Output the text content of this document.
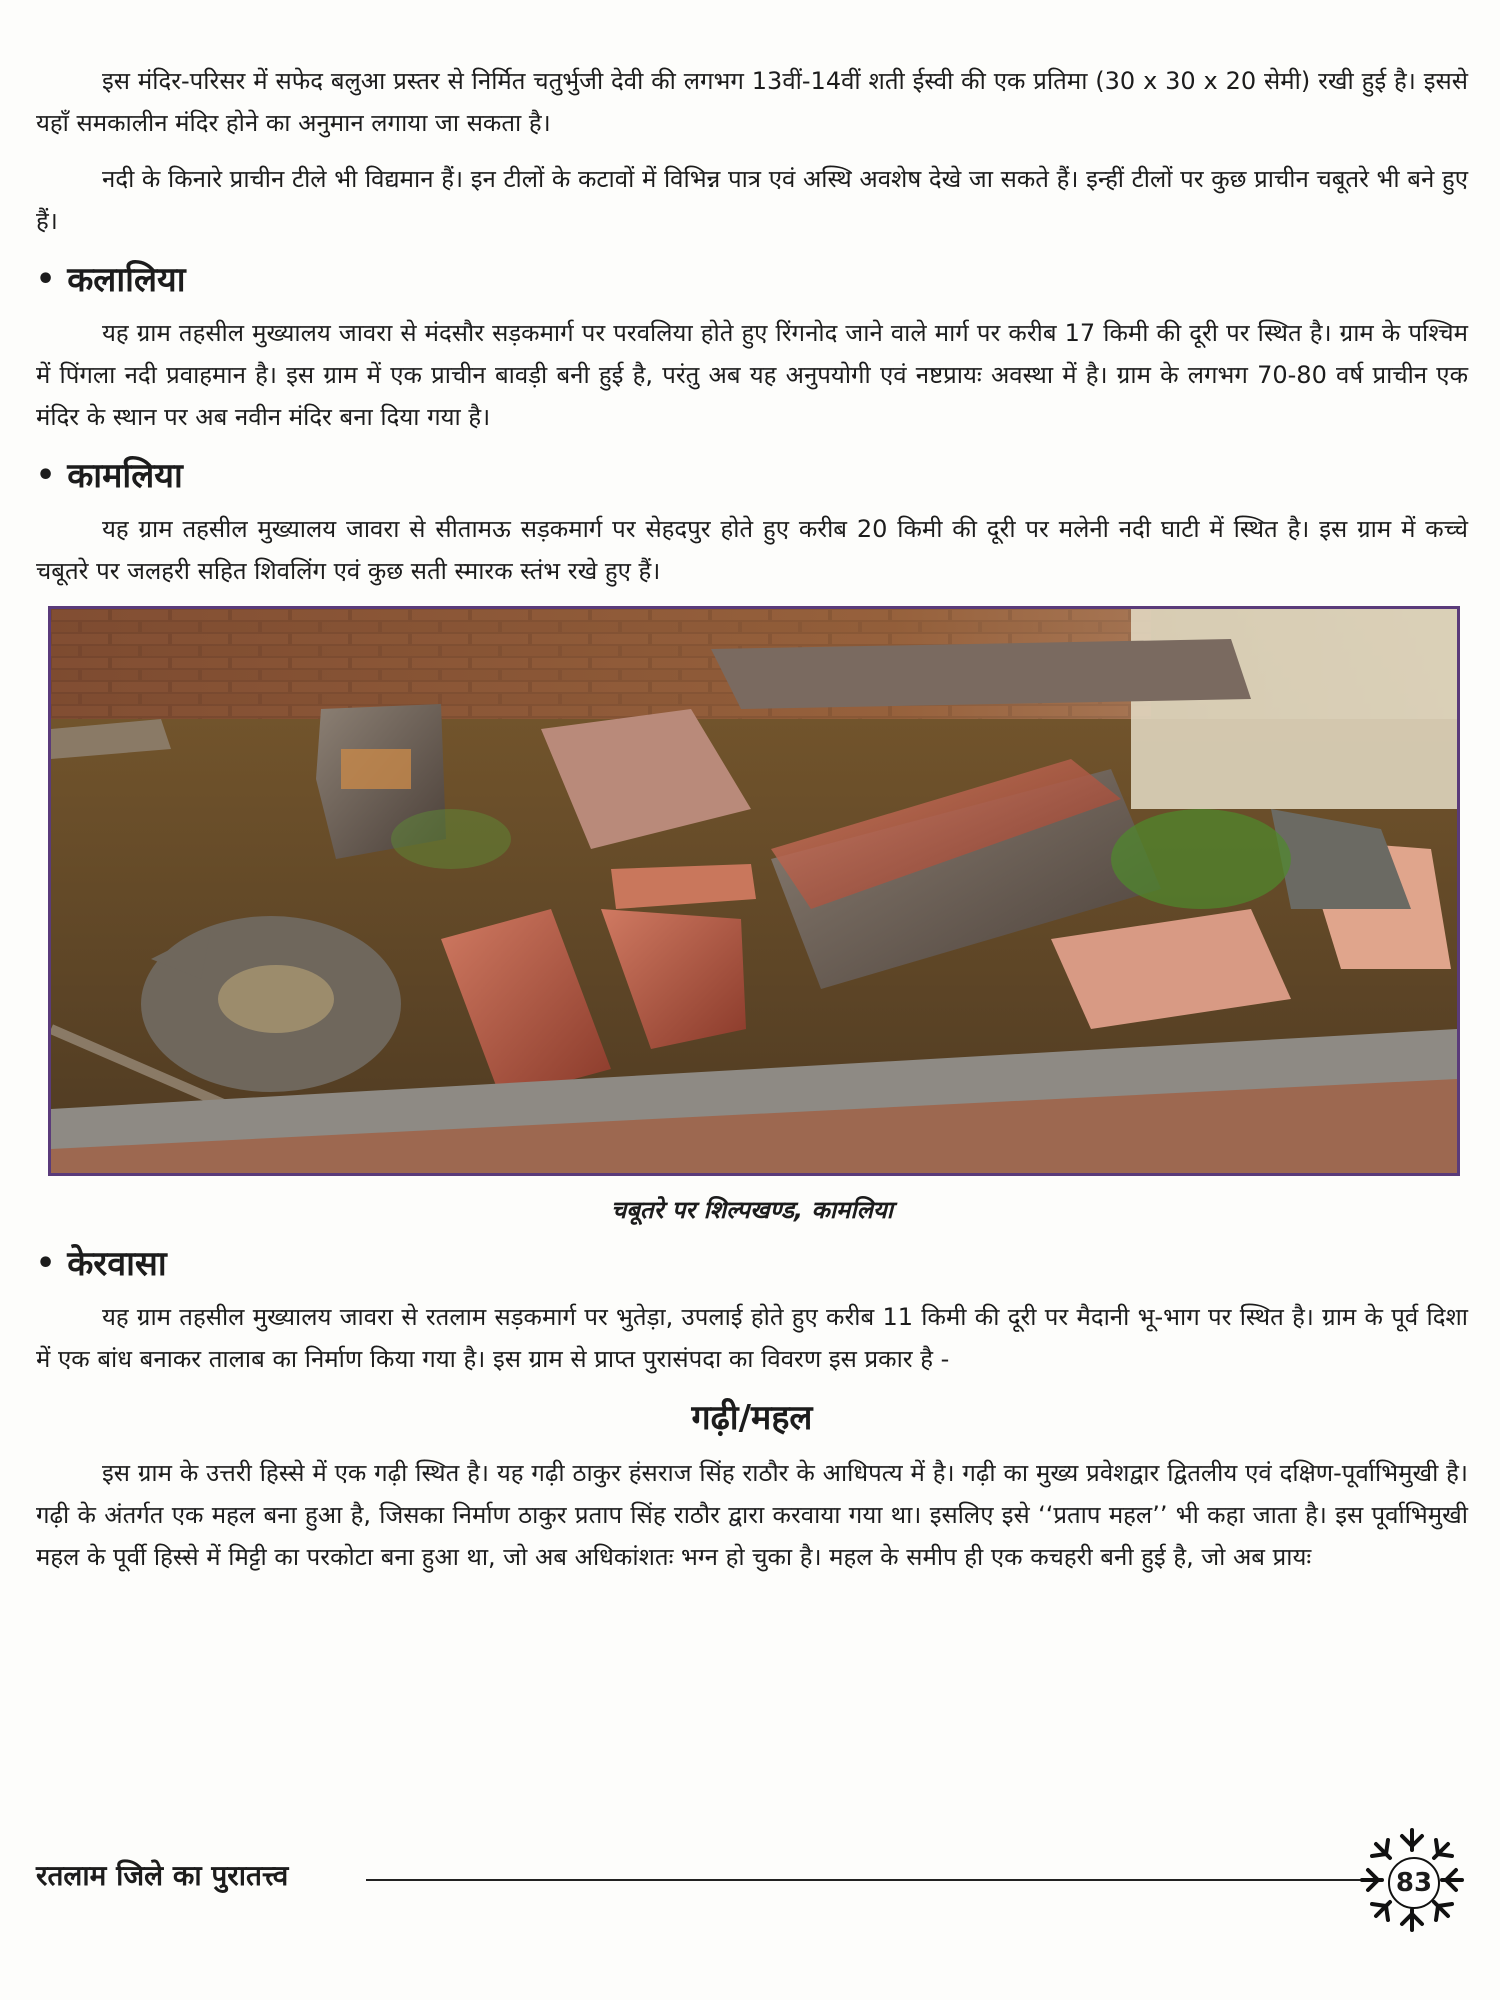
इस मंदिर-परिसर में सफेद बलुआ प्रस्तर से निर्मित चतुर्भुजी देवी की लगभग 13वीं-14वीं शती ईस्वी की एक प्रतिमा (30 x 30 x 20 सेमी) रखी हुई है। इससे यहाँ समकालीन मंदिर होने का अनुमान लगाया जा सकता है।

नदी के किनारे प्राचीन टीले भी विद्यमान हैं। इन टीलों के कटावों में विभिन्न पात्र एवं अस्थि अवशेष देखे जा सकते हैं। इन्हीं टीलों पर कुछ प्राचीन चबूतरे भी बने हुए हैं।

• कलालिया

यह ग्राम तहसील मुख्यालय जावरा से मंदसौर सड़कमार्ग पर परवलिया होते हुए रिंगनोद जाने वाले मार्ग पर करीब 17 किमी की दूरी पर स्थित है। ग्राम के पश्चिम में पिंगला नदी प्रवाहमान है। इस ग्राम में एक प्राचीन बावड़ी बनी हुई है, परंतु अब यह अनुपयोगी एवं नष्टप्रायः अवस्था में है। ग्राम के लगभग 70-80 वर्ष प्राचीन एक मंदिर के स्थान पर अब नवीन मंदिर बना दिया गया है।

• कामलिया

यह ग्राम तहसील मुख्यालय जावरा से सीतामऊ सड़कमार्ग पर सेहदपुर होते हुए करीब 20 किमी की दूरी पर मलेनी नदी घाटी में स्थित है। इस ग्राम में कच्चे चबूतरे पर जलहरी सहित शिवलिंग एवं कुछ सती स्मारक स्तंभ रखे हुए हैं।

चबूतरे पर शिल्पखण्ड, कामलिया
• केरवासा

यह ग्राम तहसील मुख्यालय जावरा से रतलाम सड़कमार्ग पर भुतेड़ा, उपलाई होते हुए करीब 11 किमी की दूरी पर मैदानी भू-भाग पर स्थित है। ग्राम के पूर्व दिशा में एक बांध बनाकर तालाब का निर्माण किया गया है। इस ग्राम से प्राप्त पुरासंपदा का विवरण इस प्रकार है -

गढ़ी/महल

इस ग्राम के उत्तरी हिस्से में एक गढ़ी स्थित है। यह गढ़ी ठाकुर हंसराज सिंह राठौर के आधिपत्य में है। गढ़ी का मुख्य प्रवेशद्वार द्वितलीय एवं दक्षिण-पूर्वाभिमुखी है। गढ़ी के अंतर्गत एक महल बना हुआ है, जिसका निर्माण ठाकुर प्रताप सिंह राठौर द्वारा करवाया गया था। इसलिए इसे ‘‘प्रताप महल’’ भी कहा जाता है। इस पूर्वाभिमुखी महल के पूर्वी हिस्से में मिट्टी का परकोटा बना हुआ था, जो अब अधिकांशतः भग्न हो चुका है। महल के समीप ही एक कचहरी बनी हुई है, जो अब प्रायः

रतलाम जिले का पुरातत्त्व	83
